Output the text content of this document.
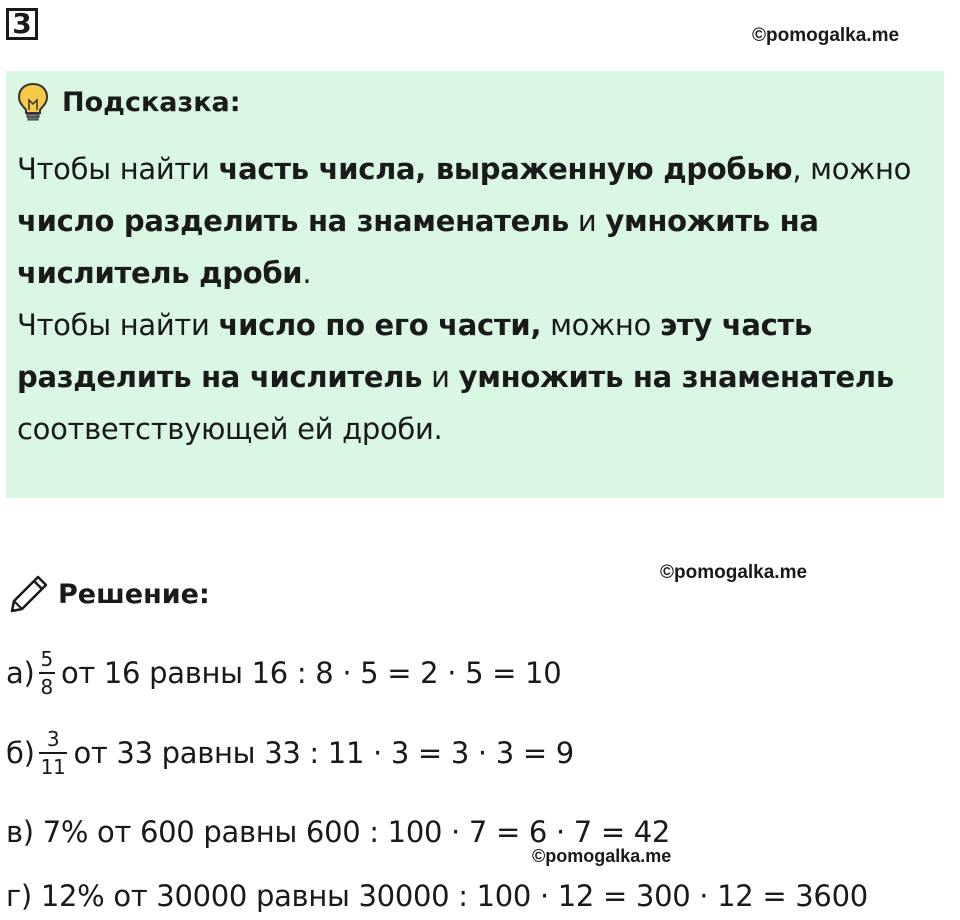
3	©pomogalka.me
Подсказка:

Чтобы найти часть числа, выраженную дробью, можно число разделить на знаменатель и умножить на числитель дроби.

Чтобы найти число по его части, можно эту часть разделить на числитель и умножить на знаменатель соответствующей ей дроби.

Решение:
©pomogalka.me
$а) \frac{5}{8}$ от 16 равны 16 : 8 · 5 = 2 · 5 = 10
$б) \frac{3}{11}$ от 33 равны 33 : 11 · 3 = 3 · 3 = 9
в) 7% от 600 равны 600 : 100 · 7 = 6 · 7 = 42
©pomogalka.me
г) 12% от 30000 равны 30000 : 100 · 12 = 300 · 12 = 3600
